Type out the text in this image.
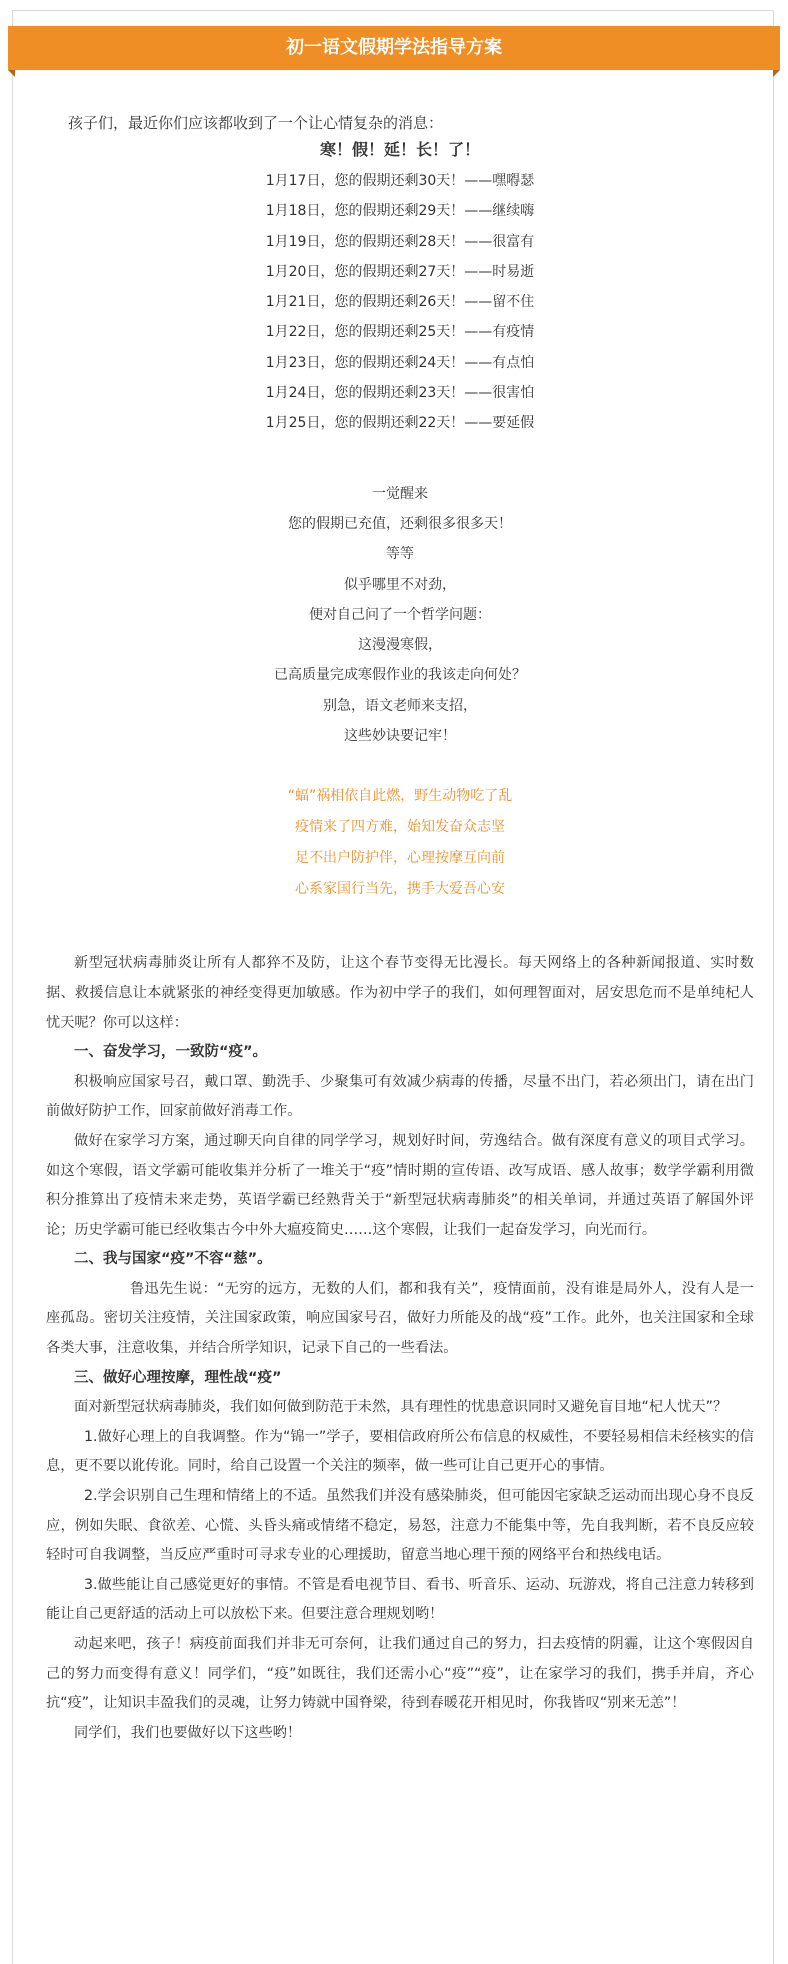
初一语文假期学法指导方案

孩子们，最近你们应该都收到了一个让心情复杂的消息：

寒！假！延！长！了！

1月17日，您的假期还剩30天！——嘿嘚瑟

1月18日，您的假期还剩29天！——继续嗨

1月19日，您的假期还剩28天！——很富有

1月20日，您的假期还剩27天！——时易逝

1月21日，您的假期还剩26天！——留不住

1月22日，您的假期还剩25天！——有疫情

1月23日，您的假期还剩24天！——有点怕

1月24日，您的假期还剩23天！——很害怕

1月25日，您的假期还剩22天！——要延假

一觉醒来

您的假期已充值，还剩很多很多天！

等等

似乎哪里不对劲，

便对自己问了一个哲学问题：

这漫漫寒假，

已高质量完成寒假作业的我该走向何处？

别急，语文老师来支招，

这些妙诀要记牢！

“蝠”祸相依自此燃，野生动物吃了乱

疫情来了四方难，始知发奋众志坚

足不出户防护伴，心理按摩互向前

心系家国行当先，携手大爱吾心安

新型冠状病毒肺炎让所有人都猝不及防，让这个春节变得无比漫长。每天网络上的各种新闻报道、实时数据、救援信息让本就紧张的神经变得更加敏感。作为初中学子的我们，如何理智面对，居安思危而不是单纯杞人忧天呢？你可以这样：

一、奋发学习，一致防“疫”。

积极响应国家号召，戴口罩、勤洗手、少聚集可有效减少病毒的传播，尽量不出门，若必须出门，请在出门前做好防护工作，回家前做好消毒工作。

做好在家学习方案，通过聊天向自律的同学学习，规划好时间，劳逸结合。做有深度有意义的项目式学习。如这个寒假，语文学霸可能收集并分析了一堆关于“疫”情时期的宣传语、改写成语、感人故事；数学学霸利用微积分推算出了疫情未来走势，英语学霸已经熟背关于“新型冠状病毒肺炎”的相关单词，并通过英语了解国外评论；历史学霸可能已经收集古今中外大瘟疫简史……这个寒假，让我们一起奋发学习，向光而行。

二、我与国家“疫”不容“慈”。

鲁迅先生说：“无穷的远方，无数的人们，都和我有关”，疫情面前，没有谁是局外人，没有人是一座孤岛。密切关注疫情，关注国家政策，响应国家号召，做好力所能及的战“疫”工作。此外，也关注国家和全球各类大事，注意收集，并结合所学知识，记录下自己的一些看法。

三、做好心理按摩，理性战“疫”

面对新型冠状病毒肺炎，我们如何做到防范于未然，具有理性的忧患意识同时又避免盲目地“杞人忧天”？

1.做好心理上的自我调整。作为“锦一”学子，要相信政府所公布信息的权威性，不要轻易相信未经核实的信息，更不要以讹传讹。同时，给自己设置一个关注的频率，做一些可让自己更开心的事情。

2.学会识别自己生理和情绪上的不适。虽然我们并没有感染肺炎，但可能因宅家缺乏运动而出现心身不良反应，例如失眠、食欲差、心慌、头昏头痛或情绪不稳定，易怒，注意力不能集中等，先自我判断，若不良反应较轻时可自我调整，当反应严重时可寻求专业的心理援助，留意当地心理干预的网络平台和热线电话。

3.做些能让自己感觉更好的事情。不管是看电视节目、看书、听音乐、运动、玩游戏，将自己注意力转移到能让自己更舒适的活动上可以放松下来。但要注意合理规划哟！

动起来吧，孩子！病疫前面我们并非无可奈何，让我们通过自己的努力，扫去疫情的阴霾，让这个寒假因自己的努力而变得有意义！同学们，“疫”如既往，我们还需小心“疫”“疫”，让在家学习的我们，携手并肩，齐心抗“疫”，让知识丰盈我们的灵魂，让努力铸就中国脊梁，待到春暖花开相见时，你我皆叹“别来无恙”！

同学们，我们也要做好以下这些哟！
